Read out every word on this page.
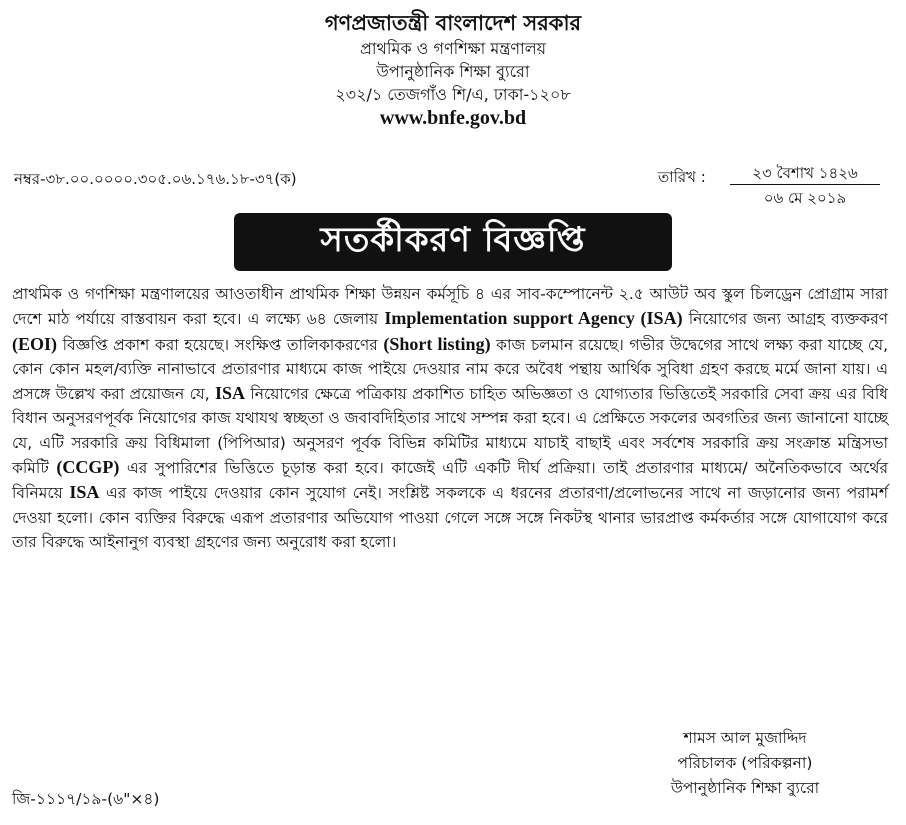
গণপ্রজাতন্ত্রী বাংলাদেশ সরকার
প্রাথমিক ও গণশিক্ষা মন্ত্রণালয়
উপানুষ্ঠানিক শিক্ষা ব্যুরো
২৩২/১ তেজগাঁও শি/এ, ঢাকা-১২০৮
www.bnfe.gov.bd
নম্বর-৩৮.০০.০০০০.৩০৫.০৬.১৭৬.১৮-৩৭(ক)	তারিখ :	২৩ বৈশাখ ১৪২৬
০৬ মে ২০১৯
সতর্কীকরণ বিজ্ঞপ্তি
প্রাথমিক ও গণশিক্ষা মন্ত্রণালয়ের আওতাধীন প্রাথমিক শিক্ষা উন্নয়ন কর্মসূচি ৪ এর সাব-কম্পোনেন্ট ২.৫ আউট অব স্কুল চিলড্রেন প্রোগ্রাম সারা দেশে মাঠ পর্যায়ে বাস্তবায়ন করা হবে। এ লক্ষ্যে ৬৪ জেলায় Implementation support Agency (ISA) নিয়োগের জন্য আগ্রহ ব্যক্তকরণ (EOI) বিজ্ঞপ্তি প্রকাশ করা হয়েছে। সংক্ষিপ্ত তালিকাকরণের (Short listing) কাজ চলমান রয়েছে। গভীর উদ্বেগের সাথে লক্ষ্য করা যাচ্ছে যে, কোন কোন মহল/ব্যক্তি নানাভাবে প্রতারণার মাধ্যমে কাজ পাইয়ে দেওয়ার নাম করে অবৈধ পন্থায় আর্থিক সুবিধা গ্রহণ করছে মর্মে জানা যায়। এ প্রসঙ্গে উল্লেখ করা প্রয়োজন যে, ISA নিয়োগের ক্ষেত্রে পত্রিকায় প্রকাশিত চাহিত অভিজ্ঞতা ও যোগ্যতার ভিত্তিতেই সরকারি সেবা ক্রয় এর বিধি বিধান অনুসরণপূর্বক নিয়োগের কাজ যথাযথ স্বচ্ছতা ও জবাবদিহিতার সাথে সম্পন্ন করা হবে। এ প্রেক্ষিতে সকলের অবগতির জন্য জানানো যাচ্ছে যে, এটি সরকারি ক্রয় বিধিমালা (পিপিআর) অনুসরণ পূর্বক বিভিন্ন কমিটির মাধ্যমে যাচাই বাছাই এবং সর্বশেষ সরকারি ক্রয় সংক্রান্ত মন্ত্রিসভা কমিটি (CCGP) এর সুপারিশের ভিত্তিতে চূড়ান্ত করা হবে। কাজেই এটি একটি দীর্ঘ প্রক্রিয়া। তাই প্রতারণার মাধ্যমে/ অনৈতিকভাবে অর্থের বিনিময়ে ISA এর কাজ পাইয়ে দেওয়ার কোন সুযোগ নেই। সংশ্লিষ্ট সকলকে এ ধরনের প্রতারণা/প্রলোভনের সাথে না জড়ানোর জন্য পরামর্শ দেওয়া হলো। কোন ব্যক্তির বিরুদ্ধে এরূপ প্রতারণার অভিযোগ পাওয়া গেলে সঙ্গে সঙ্গে নিকটস্থ থানার ভারপ্রাপ্ত কর্মকর্তার সঙ্গে যোগাযোগ করে তার বিরুদ্ধে আইনানুগ ব্যবস্থা গ্রহণের জন্য অনুরোধ করা হলো।
শামস আল মুজাদ্দিদ
পরিচালক (পরিকল্পনা)
উপানুষ্ঠানিক শিক্ষা ব্যুরো
জি-১১১৭/১৯-(৬"×৪)
